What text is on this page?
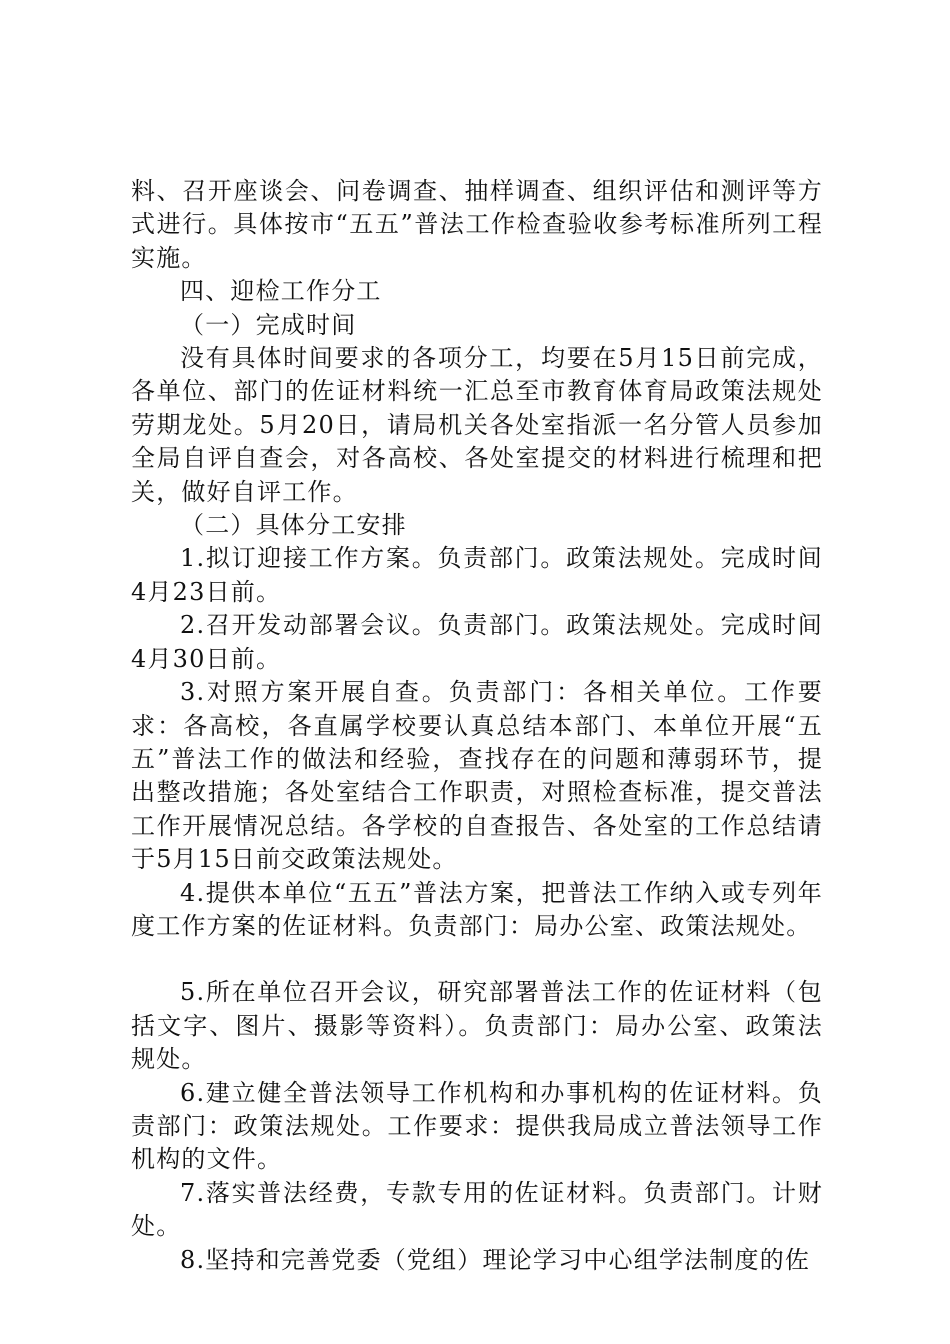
料、召开座谈会、问卷调查、抽样调查、组织评估和测评等方式进行。具体按市“五五”普法工作检查验收参考标准所列工程实施。

四、迎检工作分工

（一）完成时间

没有具体时间要求的各项分工，均要在5月15日前完成，各单位、部门的佐证材料统一汇总至市教育体育局政策法规处劳期龙处。5月20日，请局机关各处室指派一名分管人员参加全局自评自查会，对各高校、各处室提交的材料进行梳理和把关，做好自评工作。

（二）具体分工安排

1.拟订迎接工作方案。负责部门。政策法规处。完成时间4月23日前。

2.召开发动部署会议。负责部门。政策法规处。完成时间4月30日前。

3.对照方案开展自查。负责部门：各相关单位。工作要求：各高校，各直属学校要认真总结本部门、本单位开展“五五”普法工作的做法和经验，查找存在的问题和薄弱环节，提出整改措施；各处室结合工作职责，对照检查标准，提交普法工作开展情况总结。各学校的自查报告、各处室的工作总结请于5月15日前交政策法规处。

4.提供本单位“五五”普法方案，把普法工作纳入或专列年度工作方案的佐证材料。负责部门：局办公室、政策法规处。

5.所在单位召开会议，研究部署普法工作的佐证材料（包括文字、图片、摄影等资料）。负责部门：局办公室、政策法规处。

6.建立健全普法领导工作机构和办事机构的佐证材料。负责部门：政策法规处。工作要求：提供我局成立普法领导工作机构的文件。

7.落实普法经费，专款专用的佐证材料。负责部门。计财处。

8.坚持和完善党委（党组）理论学习中心组学法制度的佐
